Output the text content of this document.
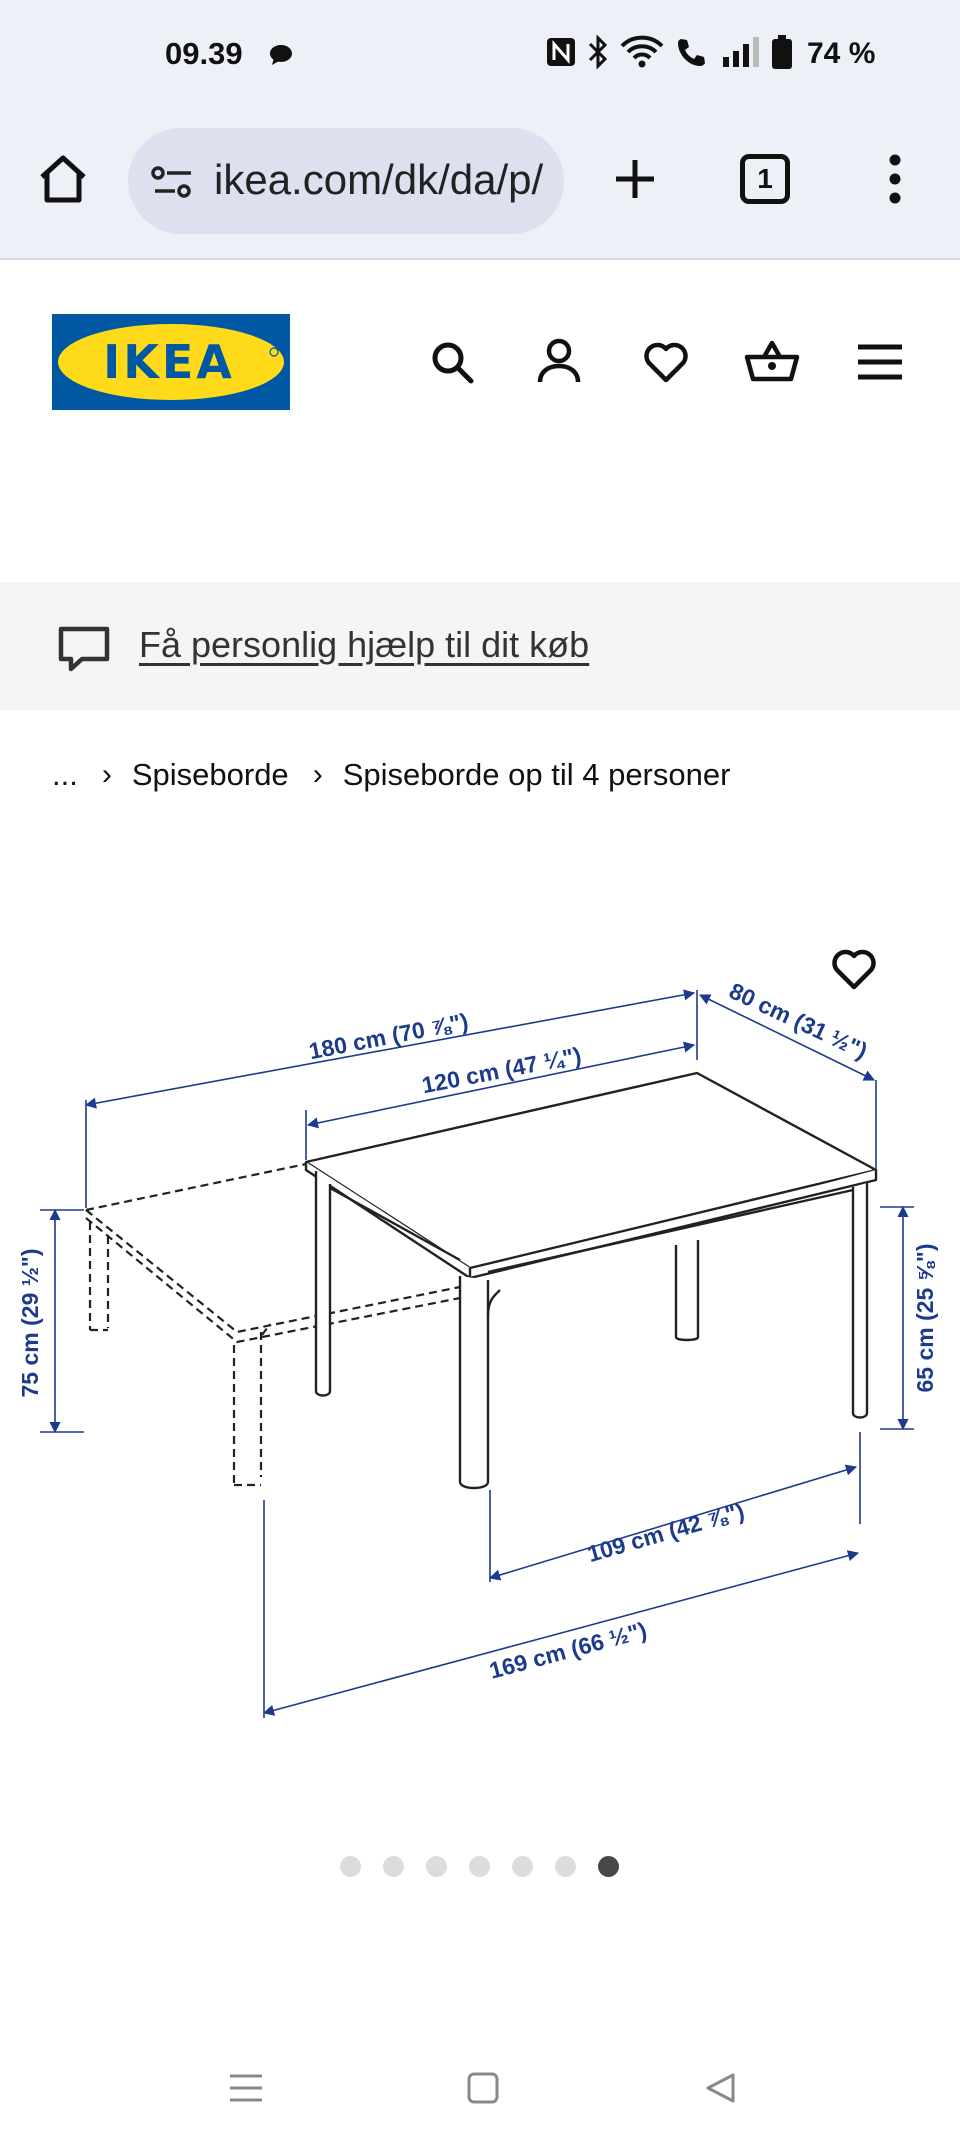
09.39	74 %
ikea.com/dk/da/p/	1
IKEA
Få personlig hjælp til dit køb
... › Spiseborde › Spiseborde op til 4 personer
180 cm (70 ⅞")
120 cm (47 ¼")
80 cm (31 ½")
75 cm (29 ½")	65 cm (25 ⅝")
109 cm (42 ⅞")
169 cm (66 ½")
